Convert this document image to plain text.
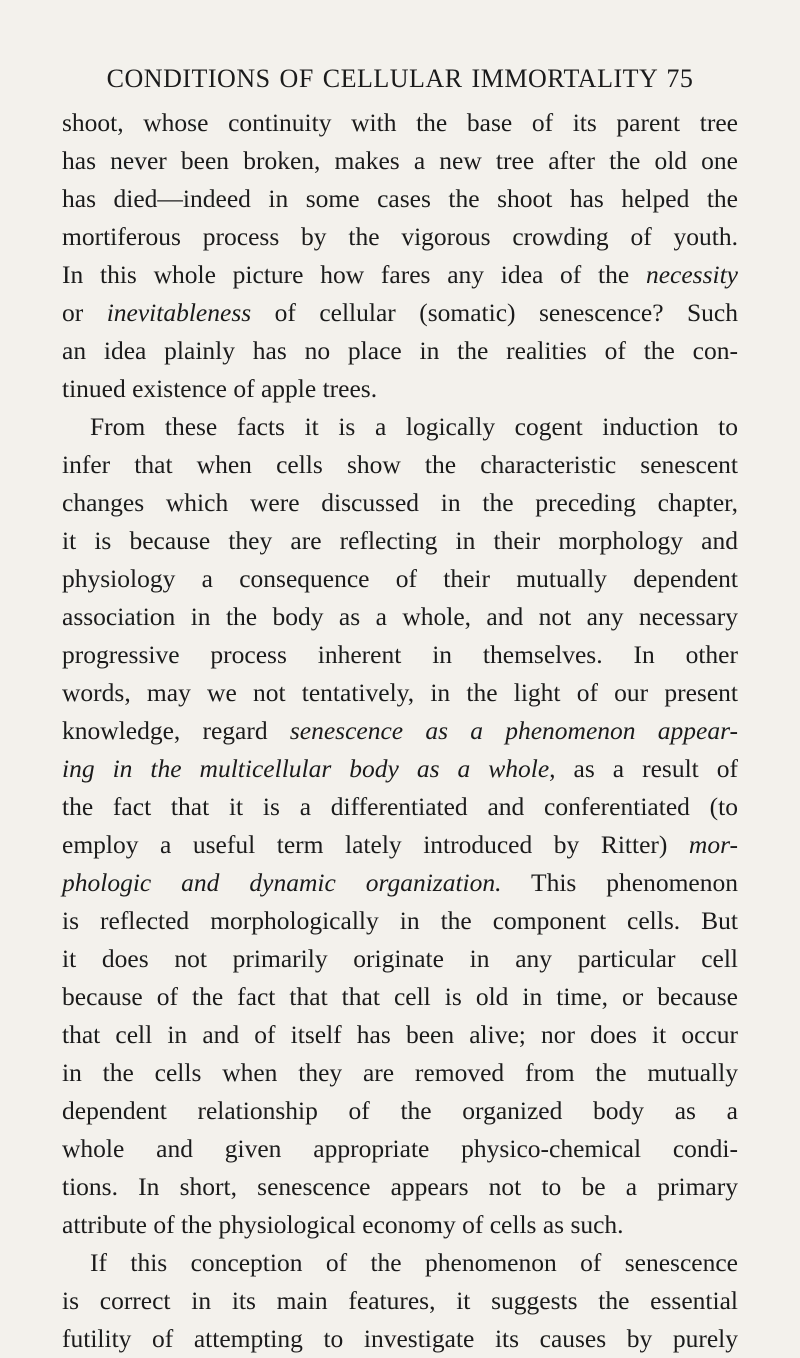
CONDITIONS OF CELLULAR IMMORTALITY 75
shoot, whose continuity with the base of its parent tree
has never been broken, makes a new tree after the old one
has died—indeed in some cases the shoot has helped the
mortiferous process by the vigorous crowding of youth.
In this whole picture how fares any idea of the necessity
or inevitableness of cellular (somatic) senescence? Such
an idea plainly has no place in the realities of the con-
tinued existence of apple trees.
From these facts it is a logically cogent induction to
infer that when cells show the characteristic senescent
changes which were discussed in the preceding chapter,
it is because they are reflecting in their morphology and
physiology a consequence of their mutually dependent
association in the body as a whole, and not any necessary
progressive process inherent in themselves. In other
words, may we not tentatively, in the light of our present
knowledge, regard senescence as a phenomenon appear-
ing in the multicellular body as a whole, as a result of
the fact that it is a differentiated and conferentiated (to
employ a useful term lately introduced by Ritter) mor-
phologic and dynamic organization. This phenomenon
is reflected morphologically in the component cells. But
it does not primarily originate in any particular cell
because of the fact that that cell is old in time, or because
that cell in and of itself has been alive; nor does it occur
in the cells when they are removed from the mutually
dependent relationship of the organized body as a
whole and given appropriate physico-chemical condi-
tions. In short, senescence appears not to be a primary
attribute of the physiological economy of cells as such.
If this conception of the phenomenon of senescence
is correct in its main features, it suggests the essential
futility of attempting to investigate its causes by purely
